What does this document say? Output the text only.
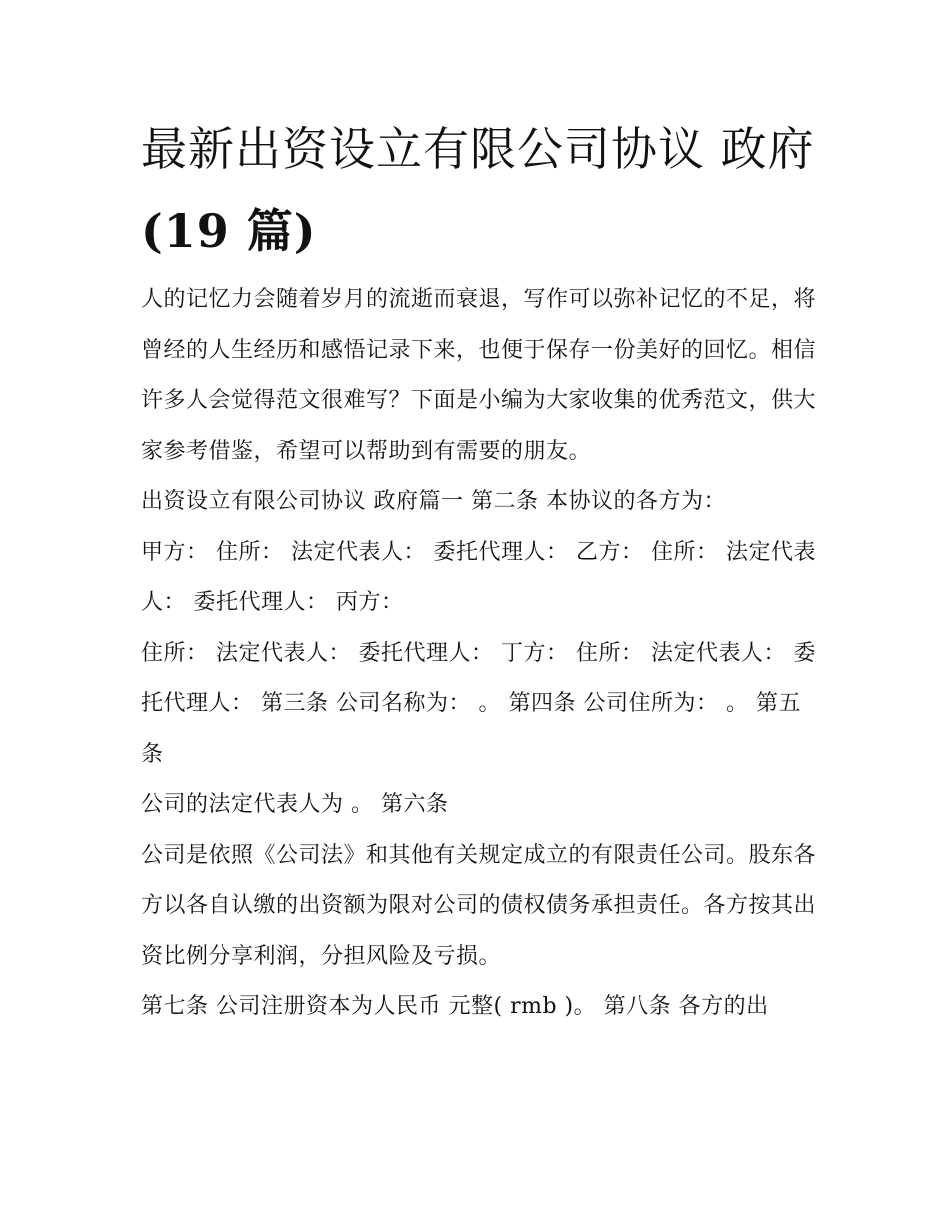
最新出资设立有限公司协议 政府(19 篇)

人的记忆力会随着岁月的流逝而衰退，写作可以弥补记忆的不足，将曾经的人生经历和感悟记录下来，也便于保存一份美好的回忆。相信许多人会觉得范文很难写？下面是小编为大家收集的优秀范文，供大家参考借鉴，希望可以帮助到有需要的朋友。

出资设立有限公司协议 政府篇一 第二条 本协议的各方为：

甲方： 住所： 法定代表人： 委托代理人： 乙方： 住所： 法定代表人： 委托代理人： 丙方：

住所： 法定代表人： 委托代理人： 丁方： 住所： 法定代表人： 委托代理人： 第三条 公司名称为： 。 第四条 公司住所为： 。 第五条

公司的法定代表人为 。 第六条

公司是依照《公司法》和其他有关规定成立的有限责任公司。股东各方以各自认缴的出资额为限对公司的债权债务承担责任。各方按其出资比例分享利润，分担风险及亏损。

第七条 公司注册资本为人民币 元整( rmb )。 第八条 各方的出
